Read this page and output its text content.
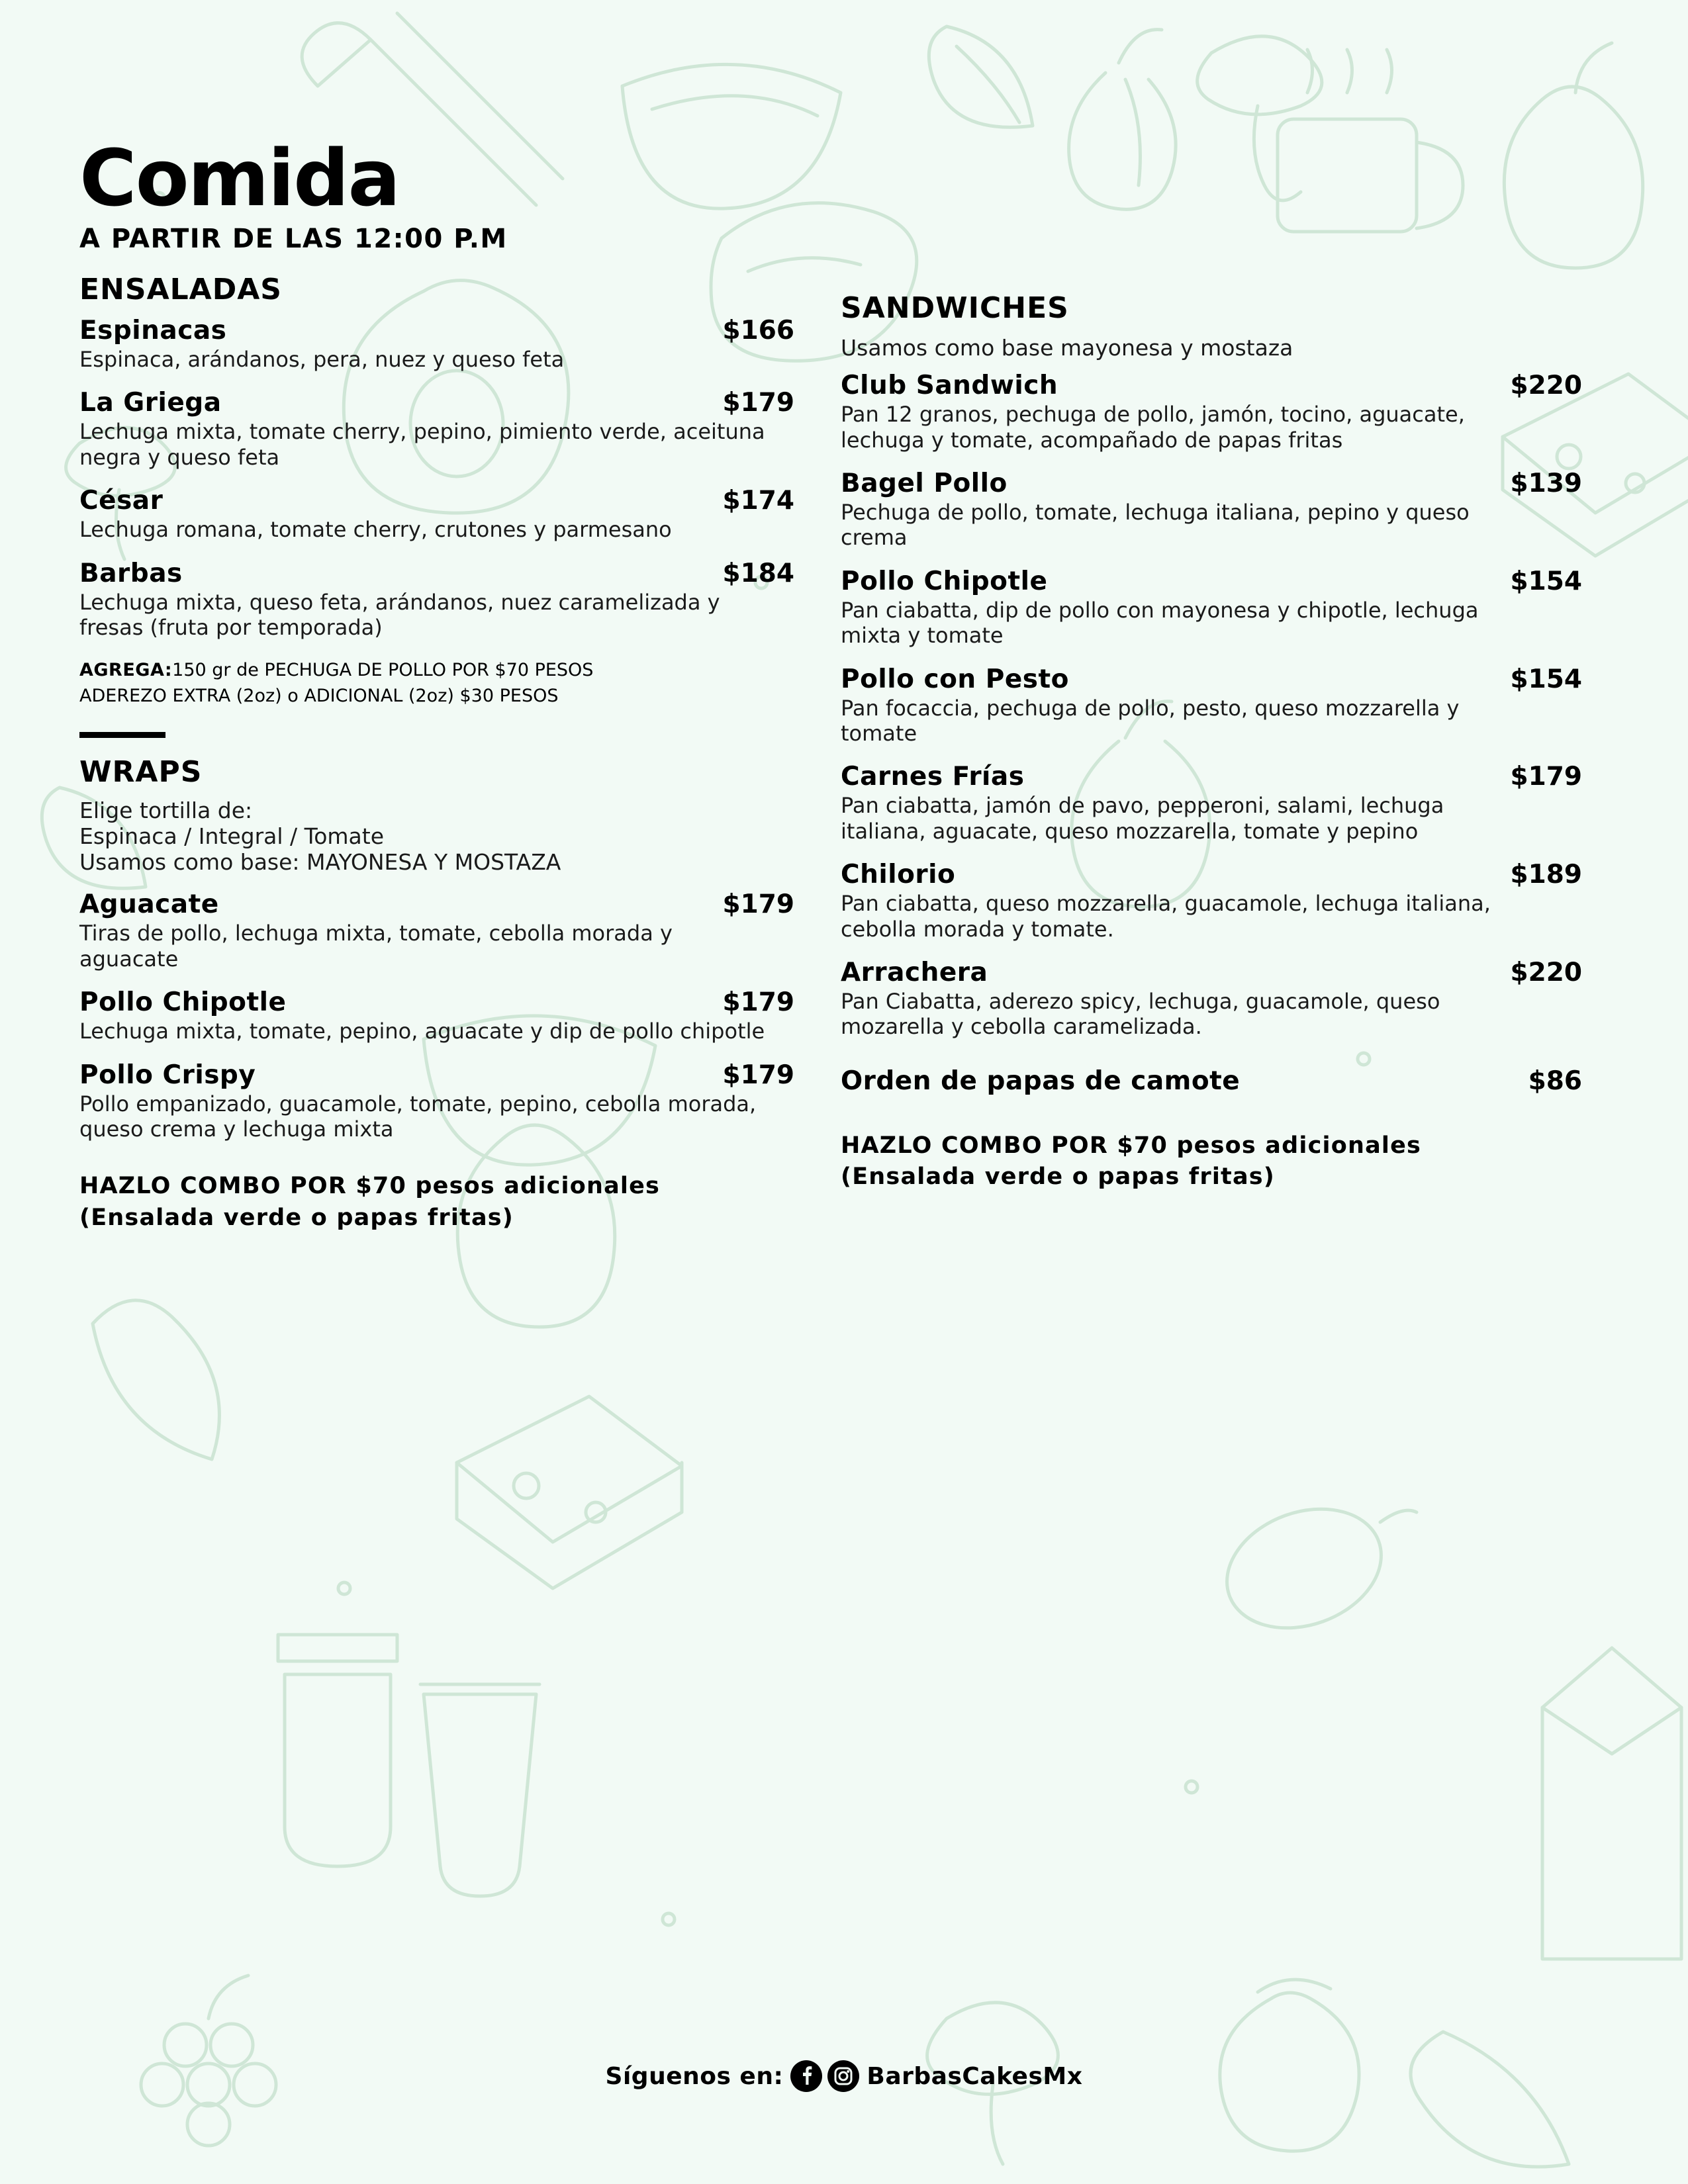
Comida
A PARTIR DE LAS 12:00 P.M
ENSALADAS
Espinacas	$166
Espinaca, arándanos, pera, nuez y queso feta
La Griega	$179
Lechuga mixta, tomate cherry, pepino, pimiento verde, aceituna negra y queso feta
César	$174
Lechuga romana, tomate cherry, crutones y parmesano
Barbas	$184
Lechuga mixta, queso feta, arándanos, nuez caramelizada y fresas (fruta por temporada)
AGREGA:150 gr de PECHUGA DE POLLO POR $70 PESOS
ADEREZO EXTRA (2oz) o ADICIONAL (2oz) $30 PESOS
WRAPS
Elige tortilla de:
Espinaca / Integral / Tomate
Usamos como base: MAYONESA Y MOSTAZA
Aguacate	$179
Tiras de pollo, lechuga mixta, tomate, cebolla morada y aguacate
Pollo Chipotle	$179
Lechuga mixta, tomate, pepino, aguacate y dip de pollo chipotle
Pollo Crispy	$179
Pollo empanizado, guacamole, tomate, pepino, cebolla morada, queso crema y lechuga mixta
HAZLO COMBO POR $70 pesos adicionales
(Ensalada verde o papas fritas)
SANDWICHES
Usamos como base mayonesa y mostaza
Club Sandwich	$220
Pan 12 granos, pechuga de pollo, jamón, tocino, aguacate, lechuga y tomate, acompañado de papas fritas
Bagel Pollo	$139
Pechuga de pollo, tomate, lechuga italiana, pepino y queso crema
Pollo Chipotle	$154
Pan ciabatta, dip de pollo con mayonesa y chipotle, lechuga mixta y tomate
Pollo con Pesto	$154
Pan focaccia, pechuga de pollo, pesto, queso mozzarella y tomate
Carnes Frías	$179
Pan ciabatta, jamón de pavo, pepperoni, salami, lechuga italiana, aguacate, queso mozzarella, tomate y pepino
Chilorio	$189
Pan ciabatta, queso mozzarella, guacamole, lechuga italiana, cebolla morada y tomate.
Arrachera	$220
Pan Ciabatta, aderezo spicy, lechuga, guacamole, queso mozarella y cebolla caramelizada.
Orden de papas de camote	$86
HAZLO COMBO POR $70 pesos adicionales
(Ensalada verde o papas fritas)
Síguenos en:	BarbasCakesMx
